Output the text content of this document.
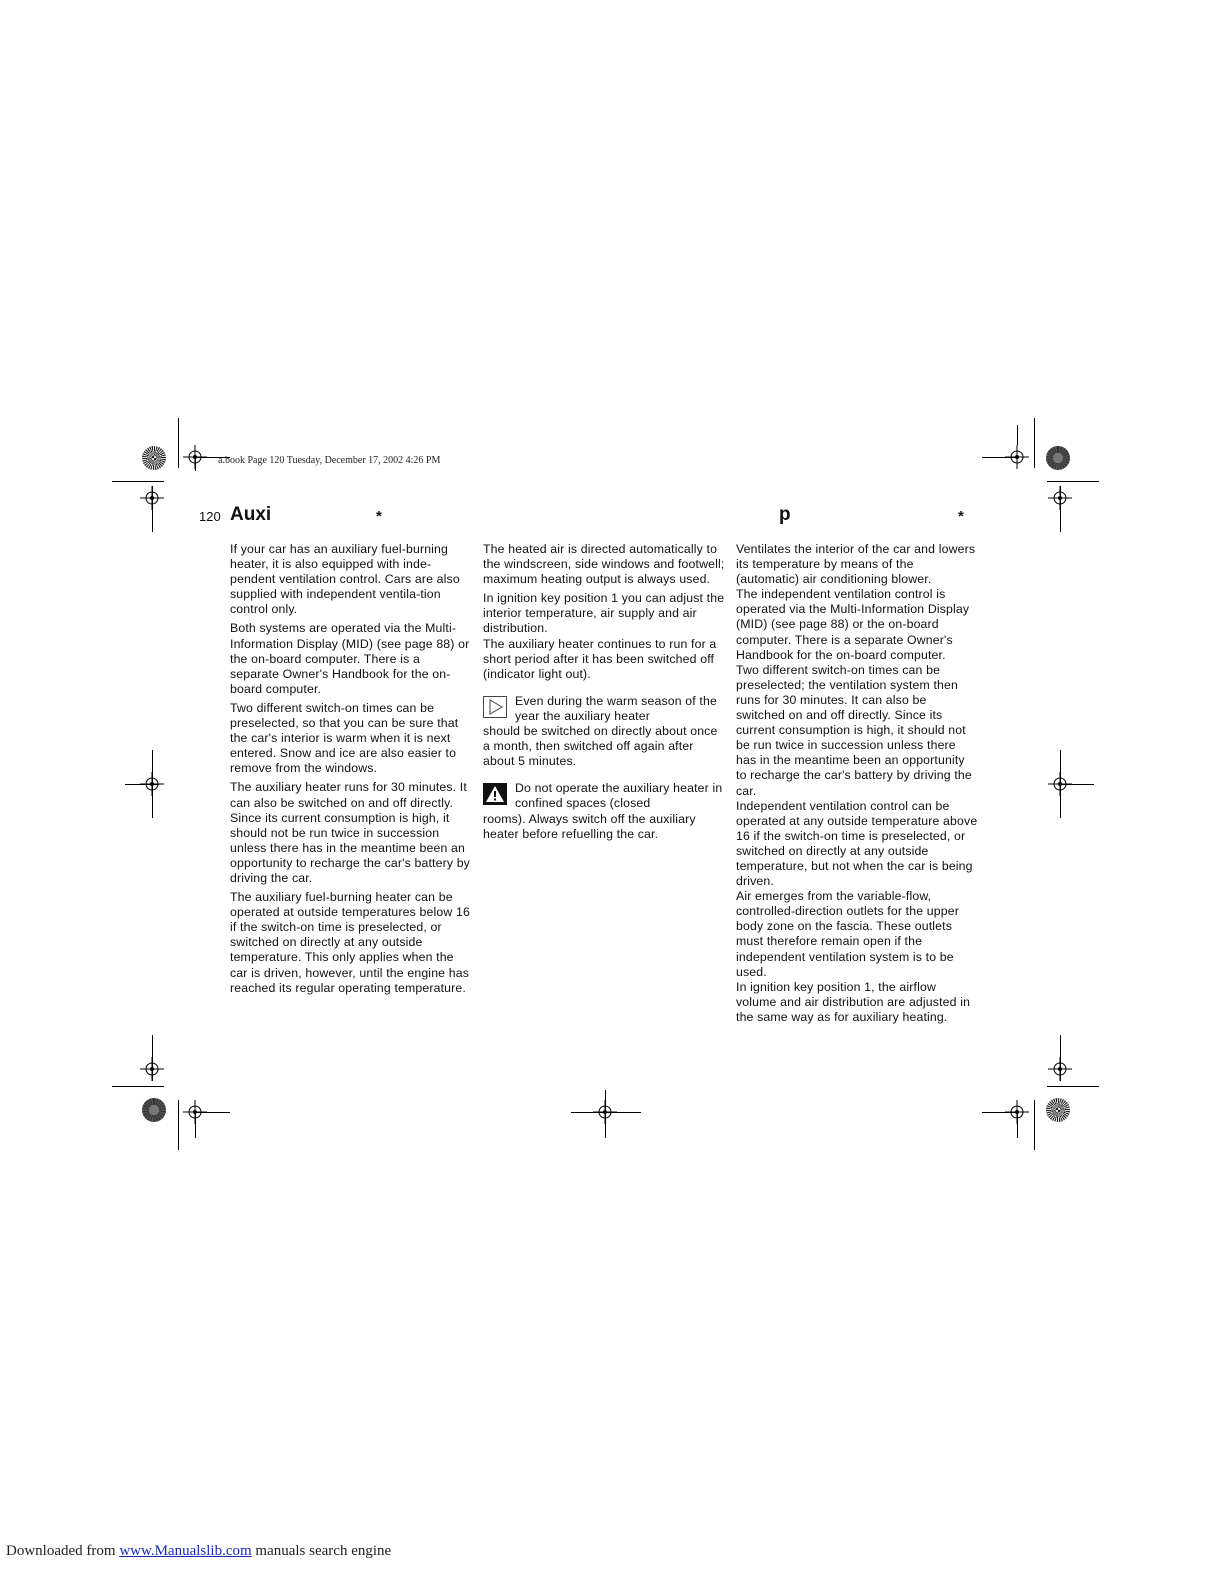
a.book Page 120 Tuesday, December 17, 2002 4:26 PM
120 Auxi	*	p	*

If your car has an auxiliary fuel-burning heater, it is also equipped with inde-pendent ventilation control. Cars are also supplied with independent ventila-tion control only.

Both systems are operated via the Multi-Information Display (MID) (see page 88) or the on-board computer. There is a separate Owner's Handbook for the on-board computer.

Two different switch-on times can be preselected, so that you can be sure that the car's interior is warm when it is next entered. Snow and ice are also easier to remove from the windows.

The auxiliary heater runs for 30 minutes. It can also be switched on and off directly. Since its current consumption is high, it should not be run twice in succession unless there has in the meantime been an opportunity to recharge the car's battery by driving the car.

The auxiliary fuel-burning heater can be operated at outside temperatures below 16 if the switch-on time is preselected, or switched on directly at any outside temperature. This only applies when the car is driven, however, until the engine has reached its regular operating temperature.

The heated air is directed automatically to the windscreen, side windows and footwell; maximum heating output is always used.

In ignition key position 1 you can adjust the interior temperature, air supply and air distribution.

The auxiliary heater continues to run for a short period after it has been switched off (indicator light out).

Even during the warm season of the year the auxiliary heater
should be switched on directly about once a month, then switched off again after about 5 minutes.
Do not operate the auxiliary heater in confined spaces (closed
rooms). Always switch off the auxiliary heater before refuelling the car.

Ventilates the interior of the car and lowers its temperature by means of the (automatic) air conditioning blower.

The independent ventilation control is operated via the Multi-Information Display (MID) (see page 88) or the on-board computer. There is a separate Owner's Handbook for the on-board computer.

Two different switch-on times can be preselected; the ventilation system then runs for 30 minutes. It can also be switched on and off directly. Since its current consumption is high, it should not be run twice in succession unless there has in the meantime been an opportunity to recharge the car's battery by driving the car.

Independent ventilation control can be operated at any outside temperature above 16 if the switch-on time is preselected, or switched on directly at any outside temperature, but not when the car is being driven.

Air emerges from the variable-flow, controlled-direction outlets for the upper body zone on the fascia. These outlets must therefore remain open if the independent ventilation system is to be used.

In ignition key position 1, the airflow volume and air distribution are adjusted in the same way as for auxiliary heating.

Downloaded from www.Manualslib.com manuals search engine
